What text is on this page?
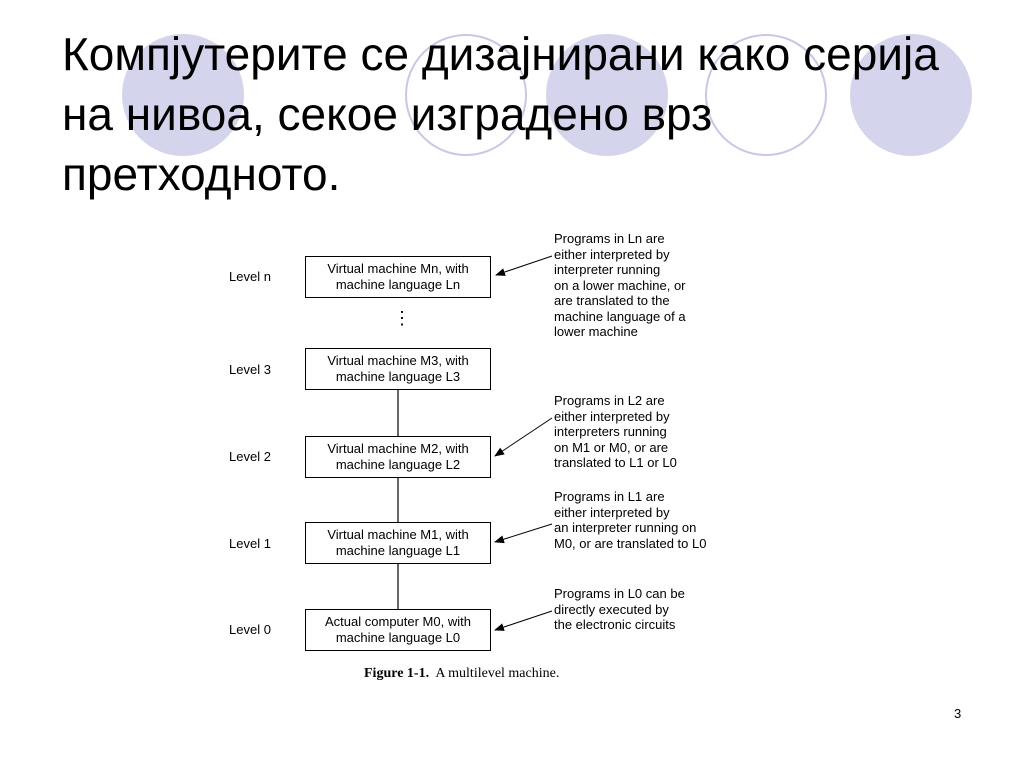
Компјутерите се дизајнирани како серија на нивоа, секое изградено врз претходното.
Level n
Virtual machine Mn, with
machine language Ln
Programs in Ln are
either interpreted by
interpreter running
on a lower machine, or
are translated to the
machine language of a
lower machine
⋮
Level 3
Virtual machine M3, with
machine language L3
Level 2
Virtual machine M2, with
machine language L2
Programs in L2 are
either interpreted by
interpreters running
on M1 or M0, or are
translated to L1 or L0
Level 1
Virtual machine M1, with
machine language L1
Programs in L1 are
either interpreted by
an interpreter running on
M0, or are translated to L0
Level 0
Actual computer M0, with
machine language L0
Programs in L0 can be
directly executed by
the electronic circuits
Figure 1-1. A multilevel machine.
3
